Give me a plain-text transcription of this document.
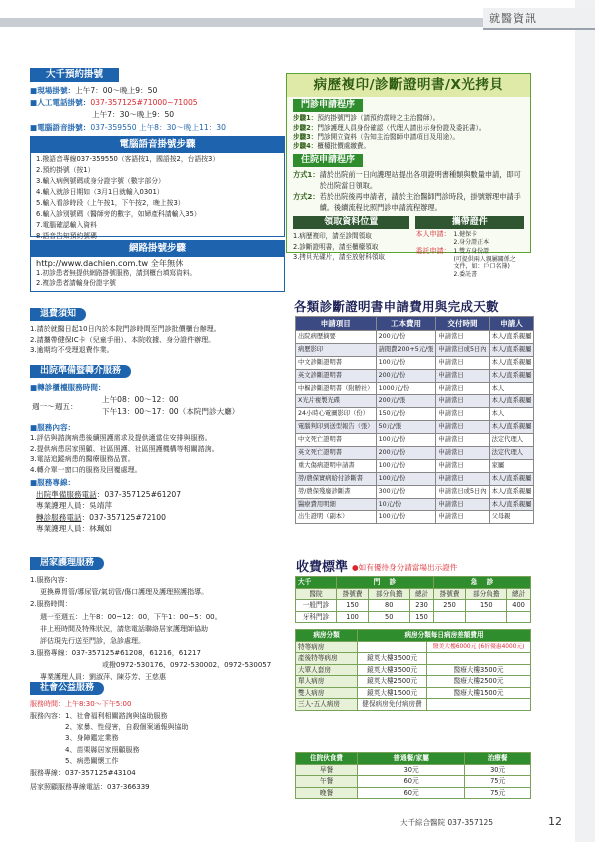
就醫資訊
大千預約掛號
■現場掛號：上午7：00～晚上9：50
■人工電話掛號：037-357125#71000~71005
上午7：30～晚上9：50
■電腦語音掛號：037-359550 上午8：30～晚上11：30
電腦語音掛號步驟
1.撥語音專線037-359550（客語按1，國語按2，台語按3）
2.預約掛號（按1）
3.輸入病例號碼或身分證字號（數字部分）
4.輸入就診日期如（3月1日就輸入0301）
5.輸入看診時段（上午按1，下午按2，晚上按3）
6.輸入診別號碼（醫師旁的數字，如婦產科請輸入35）
7.電腦確認輸入資料
8.語音告知預約號碼
網路掛號步驟
http://www.dachien.com.tw 全年無休
1.初診患者無提供網路掛號服務，請到櫃台填寫資料。
2.複診患者請輸身份證字號
退費須知
1.請於就醫日起10日內於本院門診時間至門診批價櫃台辦理。
2.請攜帶健保IC卡（兒童手冊）、本院收據、身分證件辦理。
3.逾期均不受理退費作業。
出院準備暨轉介服務
■轉診櫃檯服務時間：
週一～週五：
上午08：00～12：00
下午13：00～17：00（本院門診大廳）
■服務內容：
1.評估與諮詢病患後續照護需求及提供適當住安排與服務。
2.提供病患居家照顧、社區照護、社區照護機構等相關諮詢。
3.電話追蹤病患的醫療服務品質。
4.轉介單一窗口的服務及回覆處理。
■服務專線：
出院準備服務電話：037-357125#61207
專業護理人員：吳靖萍
轉診服務電話：037-357125#72100
專業護理人員：林珮如
居家護理服務
1.服務內容：
更換鼻胃管/導尿管/氣切管/傷口護理及護理照護指導。
2.服務時間：
週一至週五：上午8：00~12：00，下午1：00~5：00。
非上班時間及特殊狀況，請您電話聯絡居家護理師協助
評估現先行送至門診，急診處理。
3.服務專線：037-357125#61208，61216，61217
或撥0972-530176、0972-530002、0972-530057
專業護理人員：劉淑萍、陳芬芳、王慈惠
社會公益服務
服務時間：上午8:30～下午5:00
服務內容： 1、社會福利相關諮詢與協助服務
2、家暴、性侵害，自殺個案通報與協助
3、身障鑑定業務
4、苗栗縣居家照顧服務
5、病患關懷工作
服務專線：037-357125#43104
居家照顧服務專線電話：037-366339
病歷複印/診斷證明書/X光拷貝
門診申請程序
步驟1： 預約掛號門診（請預約當時之主治醫師）。
步驟2： 門診護理人員身份確認（代理人請出示身份證及委託書）。
步驟3： 門診開立資料（告知主治醫師申請項目及用途）。
步驟4： 櫃檯批價處繳費。
住院申請程序
方式1： 請於出院前一日向護理站提出各項證明書種類與數量申請，即可於出院當日領取。
方式2： 若於出院後再申請者，請於主治醫師門診時段，掛號辦理申請手續。後續流程比照門診申請流程辦理。
領取資料位置
1.病歷複印，請至診間領取
2.診斷證明書，請至櫃檯領取
3.拷貝光碟片，請至放射科領取
攜帶證件
本人申請： 1.健保卡
2.身分證正本
委託申請： 1.雙方身份證
(可提供兩人親屬關係之
文件，如：戶口名簿)
2.委託書
各類診斷證明書申請費用與完成天數
申請項目	工本費用	交付時間	申請人
出院病歷摘要	200元/份	申請當日	本人/直系親屬
病歷影印	請閱費200+5元/張	申請當日或5日內	本人/直系親屬
中文診斷證明書	100元/份	申請當日	本人/直系親屬
英文診斷證明書	200元/份	申請當日	本人/直系親屬
中樞診斷證明書（附贈社）	1000元/份	申請當日	本人
X光片複製光碟	200元/張	申請當日	本人/直系親屬
24小時心電圖影印（份）	150元/份	申請當日	本人
電腦判印到送型報告（張）	50元/張	申請當日	本人/直系親屬
中文死亡證明書	100元/份	申請當日	法定代理人
英文死亡證明書	200元/份	申請當日	法定代理人
重大傷病證明申請書	100元/份	申請當日	家屬
勞/農保實病給付診斷書	100元/份	申請當日	本人/直系親屬
勞/農保殘廢診斷書	300元/份	申請當日或5日內	本人/直系親屬
醫療費用明細	10元/份	申請當日	本人/直系親屬
出生證明（副本）	100元/份	申請當日	父母親
收費標準 ●如有優待身分請當場出示證件
大千	門 診			急 診		
醫院	掛號費	部分負擔	總計	掛號費	部分負擔	總計
一般門診	150	80	230	250	150	400
牙科門診	100	50	150			
病房分類	病房分類每日病房差額費用	
特等病房		醫美大樓6000元 (6折優惠4000元)
產後特等病房	鏡英大樓3500元	
大單人套房	鏡英大樓3500元	醫療大樓3500元
單人病房	鏡英大樓2500元	醫療大樓2500元
雙人病房	鏡英大樓1500元	醫療大樓1500元
三人-五人病房	健保病房免付病房費	
住院伙食費	普通餐/家屬	治療餐
早餐	30元	30元
午餐	60元	75元
晚餐	60元	75元
大千綜合醫院 037-357125	12
